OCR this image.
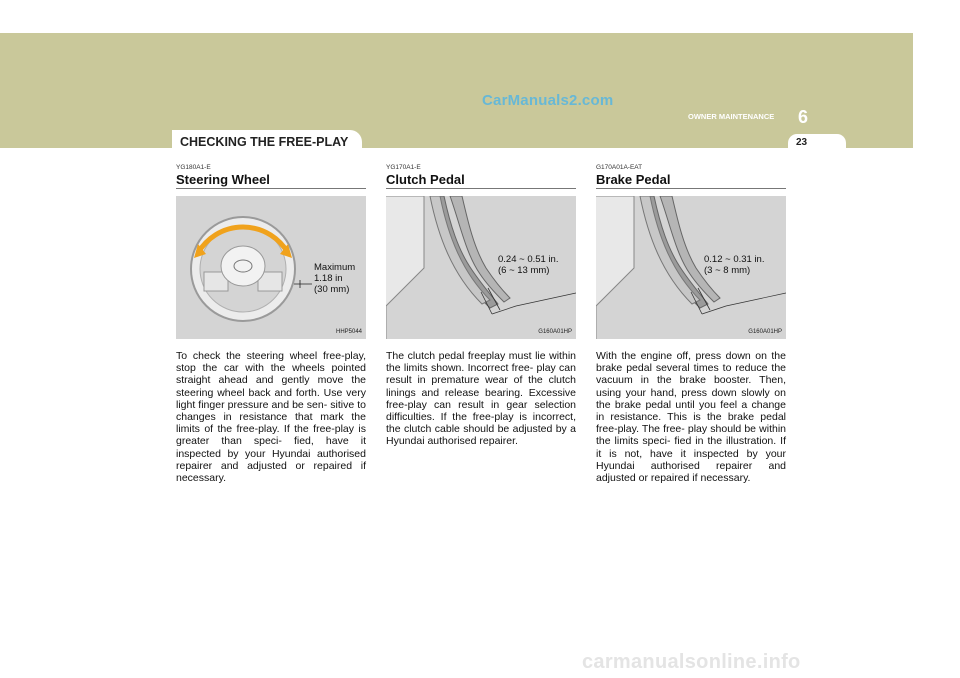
CarManuals2.com
CHECKING THE FREE-PLAY
OWNER MAINTENANCE 6
23
YG180A1-E
Steering Wheel
Maximum
1.18 in
(30 mm)
HHP5044
To check the steering wheel free-play, stop the car with the wheels pointed straight ahead and gently move the steering wheel back and forth. Use very light finger pressure and be sen- sitive to changes in resistance that mark the limits of the free-play. If the free-play is greater than speci- fied, have it inspected by your Hyundai authorised repairer and adjusted or repaired if necessary.
YG170A1-E
Clutch Pedal
0.24 ~ 0.51 in.
(6 ~ 13 mm)
G160A01HP
The clutch pedal freeplay must lie within the limits shown. Incorrect free- play can result in premature wear of the clutch linings and release bearing. Excessive free-play can result in gear selection difficulties. If the free-play is incorrect, the clutch cable should be adjusted by a Hyundai authorised repairer.
G170A01A-EAT
Brake Pedal
0.12 ~ 0.31 in.
(3 ~ 8 mm)
G160A01HP
With the engine off, press down on the brake pedal several times to reduce the vacuum in the brake booster. Then, using your hand, press down slowly on the brake pedal until you feel a change in resistance. This is the brake pedal free-play. The free- play should be within the limits speci- fied in the illustration. If it is not, have it inspected by your Hyundai authorised repairer and adjusted or repaired if necessary.
carmanualsonline.info
